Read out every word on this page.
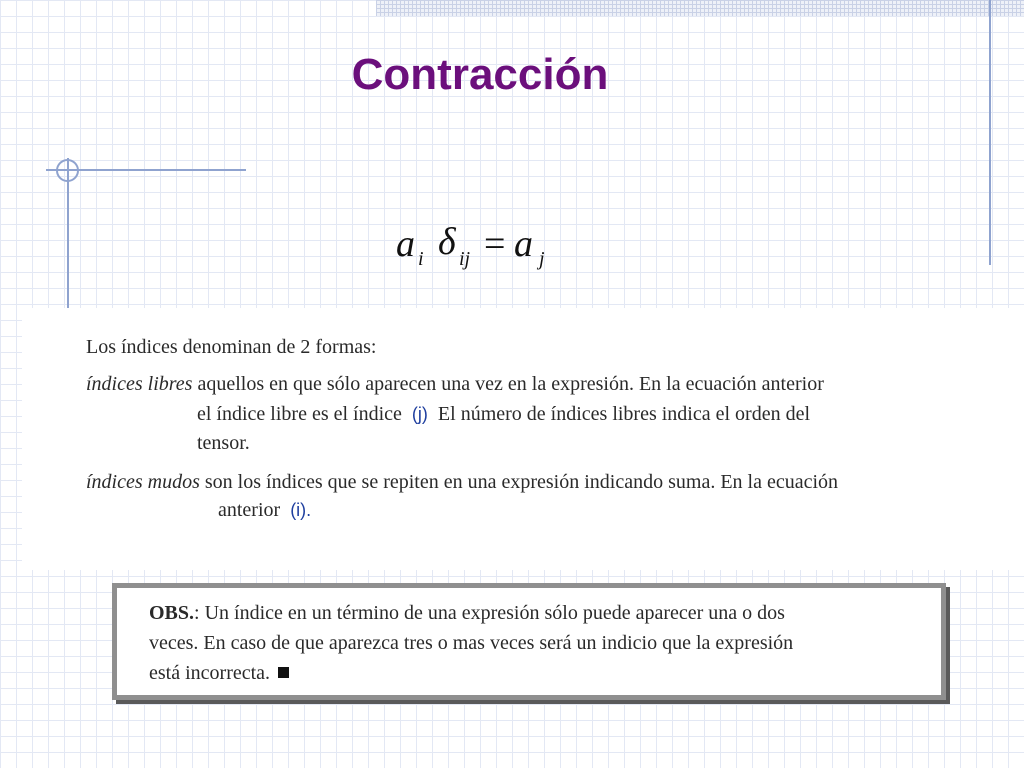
Contracción
a i δ ij = a j

Los índices denominan de 2 formas:

índices libres aquellos en que sólo aparecen una vez en la expresión. En la ecuación anterior

el índice libre es el índice (j) El número de índices libres indica el orden del

tensor.

índices mudos son los índices que se repiten en una expresión indicando suma. En la ecuación

anterior (i).

OBS.: Un índice en un término de una expresión sólo puede aparecer una o dos

veces. En caso de que aparezca tres o mas veces será un indicio que la expresión

está incorrecta.
